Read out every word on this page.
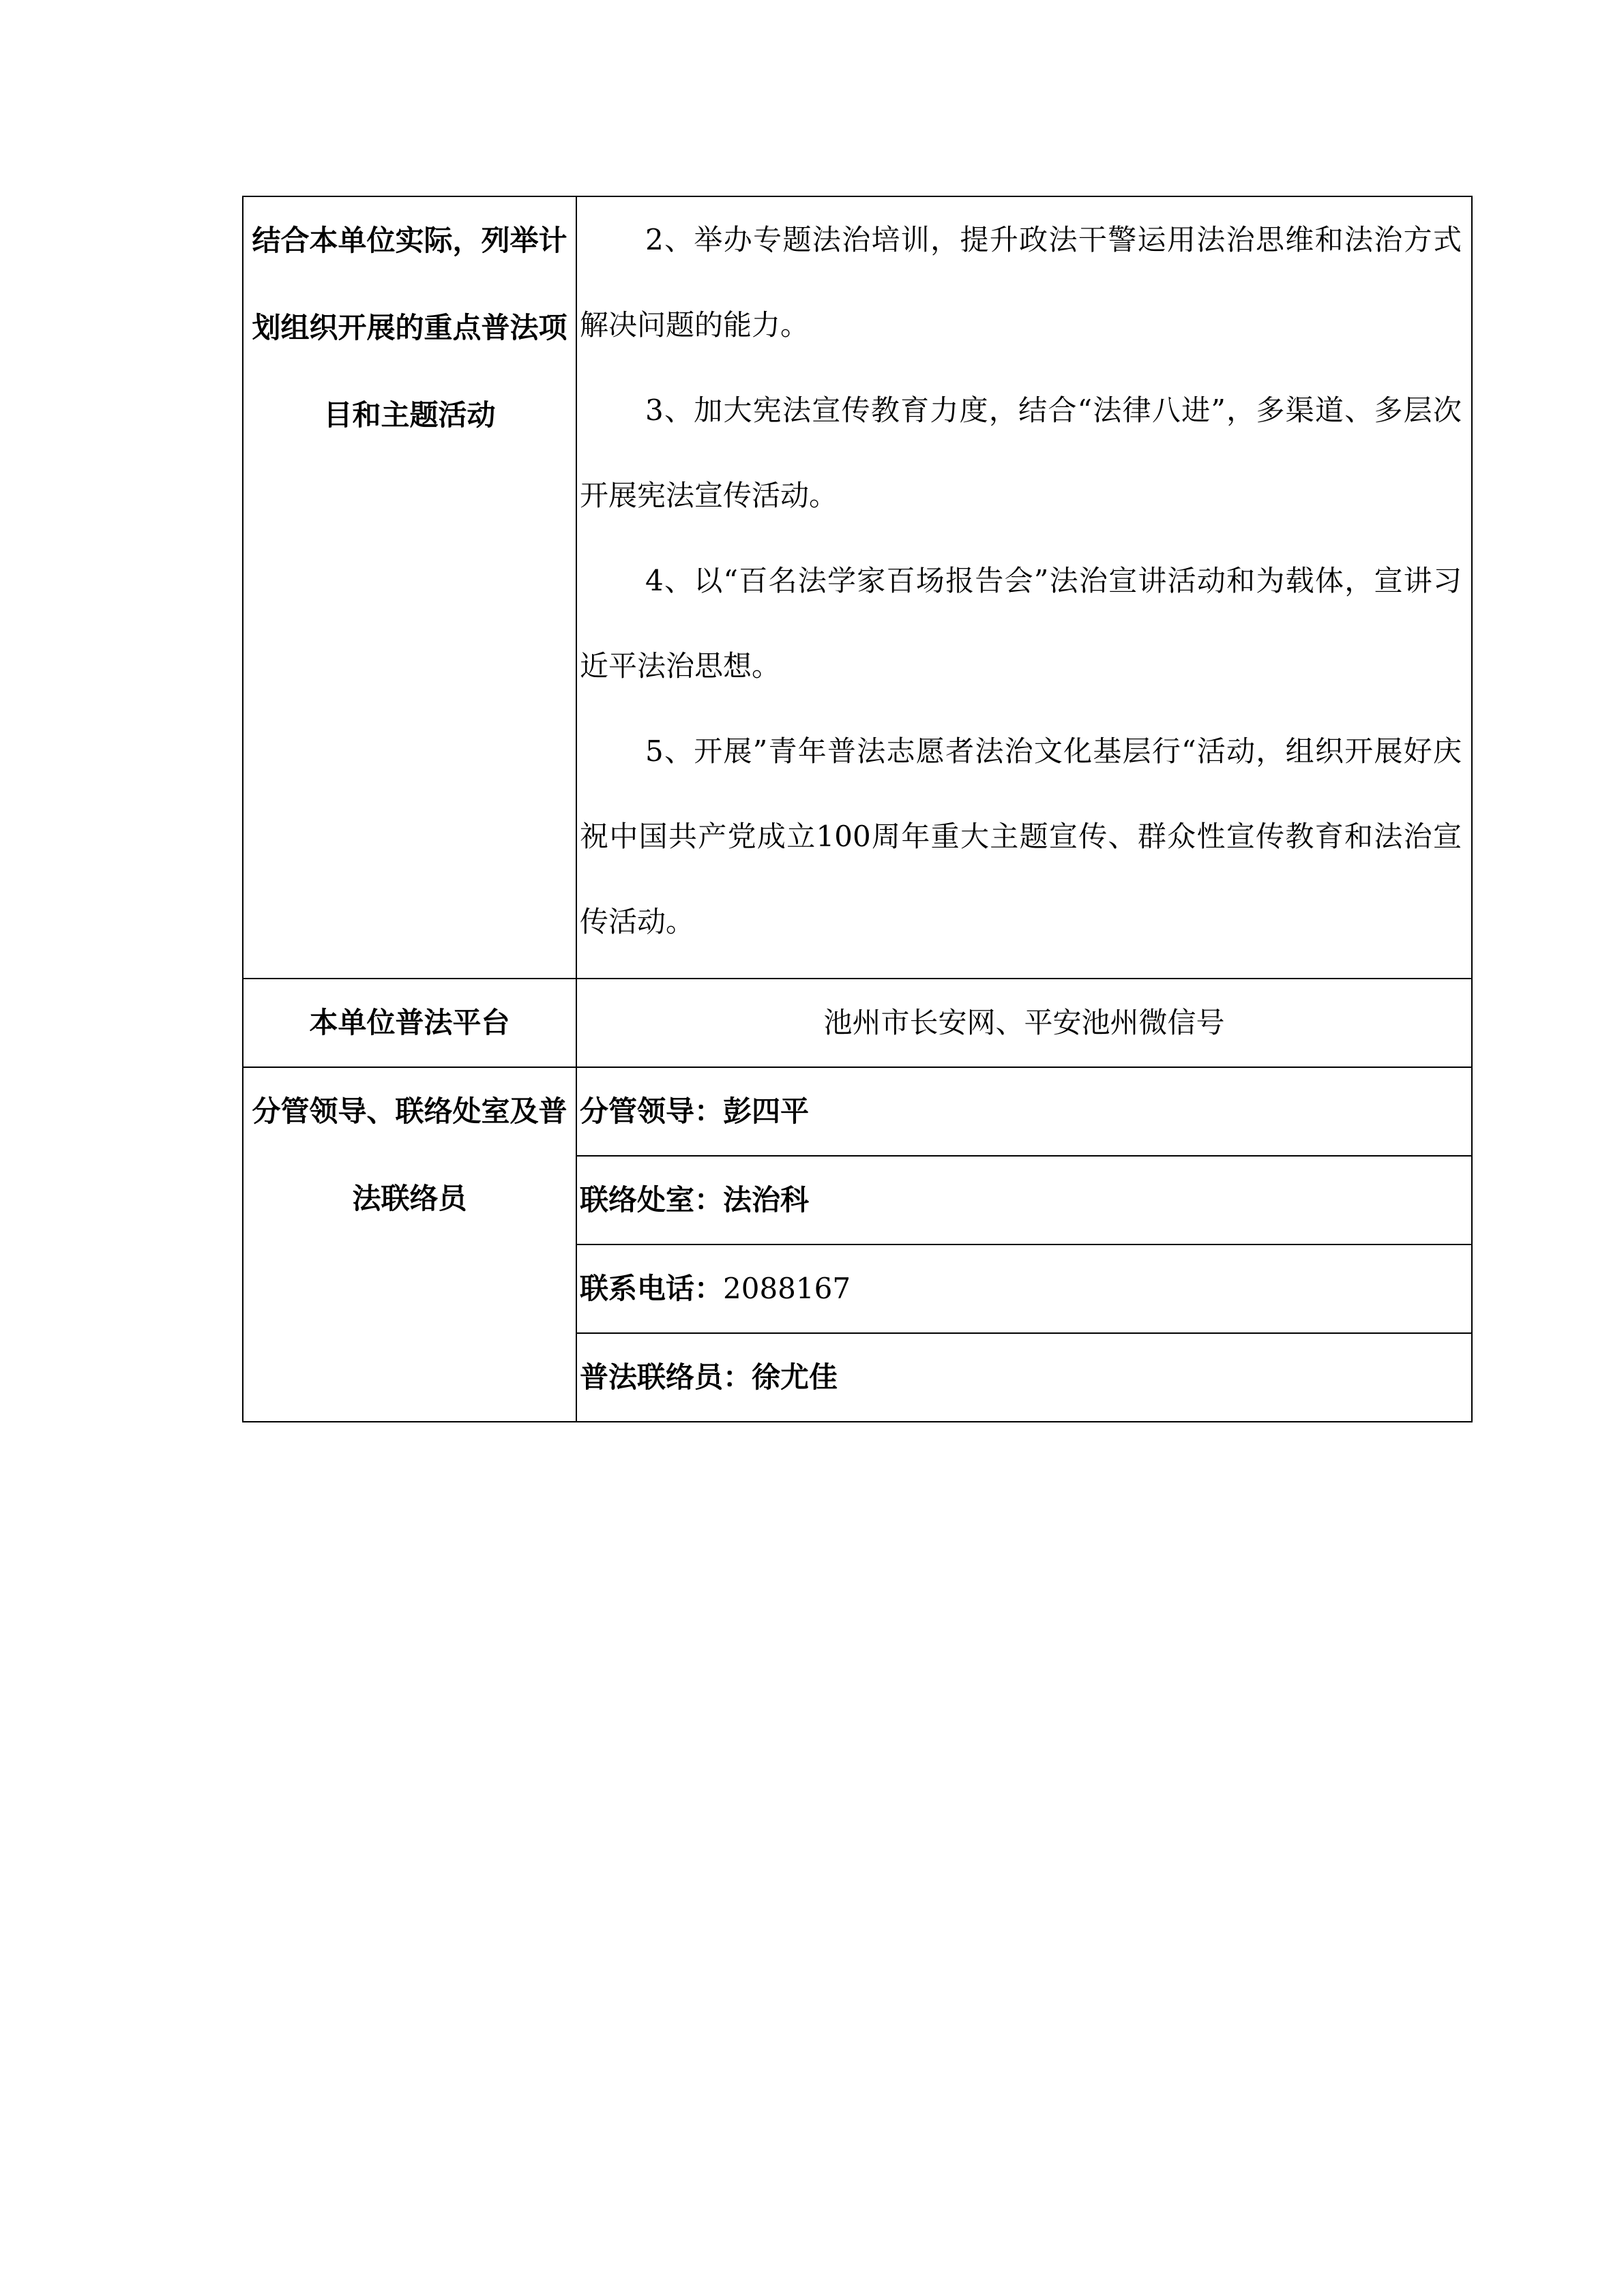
结合本单位实际，列举计划组织开展的重点普法项目和主题活动	2、举办专题法治培训，提升政法干警运用法治思维和法治方式解决问题的能力。

3、加大宪法宣传教育力度，结合“法律八进”，多渠道、多层次开展宪法宣传活动。

4、以“百名法学家百场报告会”法治宣讲活动和为载体，宣讲习近平法治思想。

5、开展”青年普法志愿者法治文化基层行“活动，组织开展好庆祝中国共产党成立100周年重大主题宣传、群众性宣传教育和法治宣传活动。

本单位普法平台	池州市长安网、平安池州微信号

分管领导、联络处室及普法联络员	分管领导：彭四平

	联络处室：法治科

	联系电话：2088167

	普法联络员：徐尤佳
